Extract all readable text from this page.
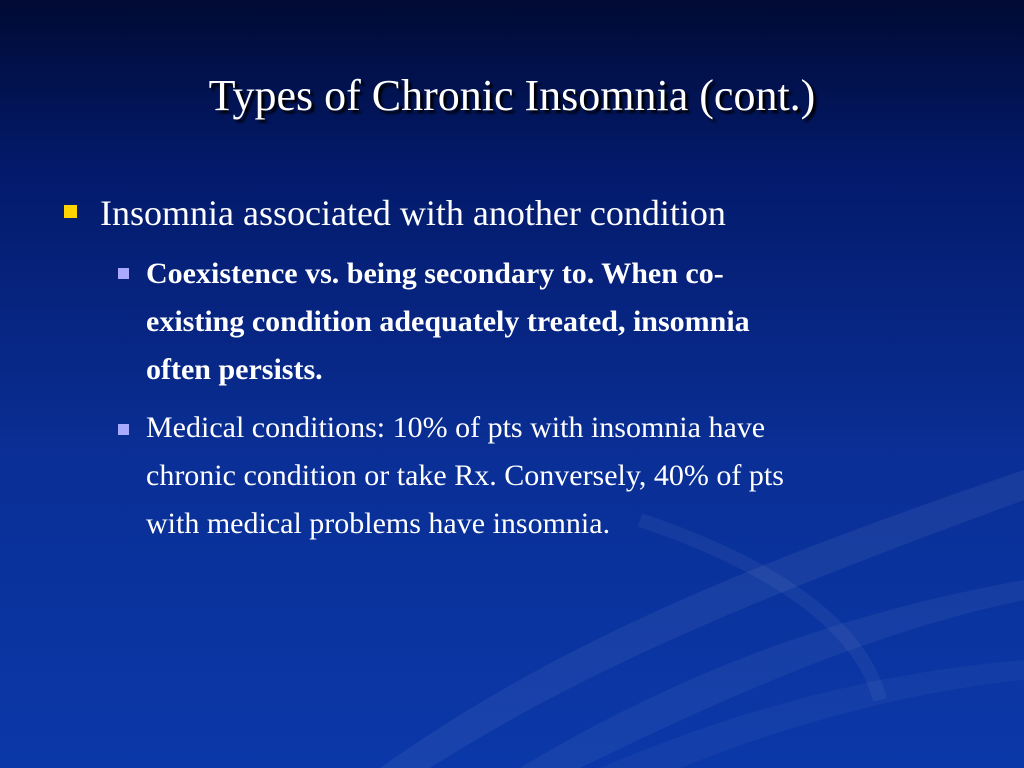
Types of Chronic Insomnia (cont.)
Insomnia associated with another condition

Coexistence vs. being secondary to. When co-
existing condition adequately treated, insomnia
often persists.

Medical conditions: 10% of pts with insomnia have
chronic condition or take Rx. Conversely, 40% of pts
with medical problems have insomnia.
